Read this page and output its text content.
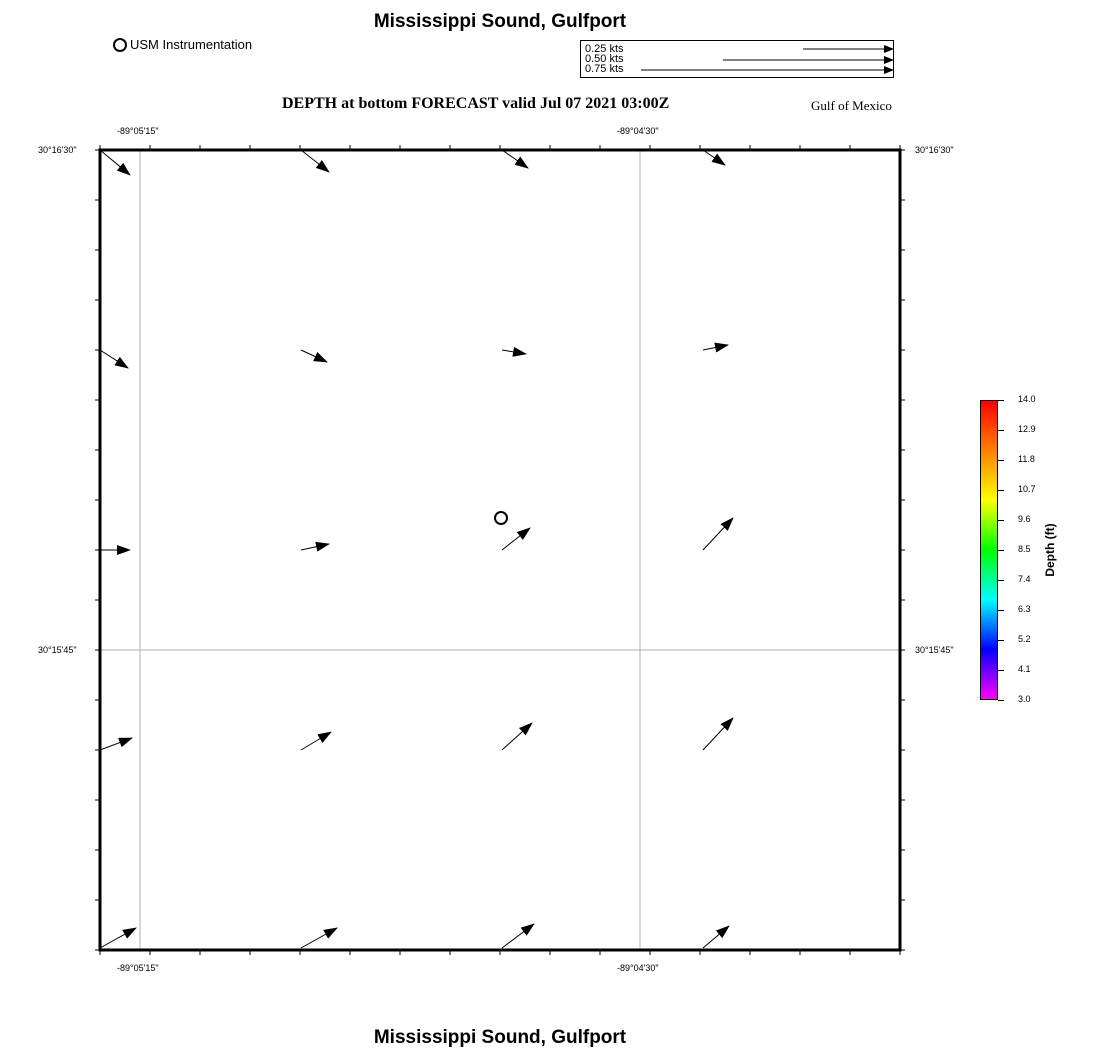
Mississippi Sound, Gulfport
USM Instrumentation	0.25 kts
0.50 kts
0.75 kts
DEPTH at bottom FORECAST valid Jul 07 2021 03:00Z	Gulf of Mexico
-89°05'15"	-89°04'30"
-89°05'15"	-89°04'30"
30°16'30"
30°15'45"
30°16'30"
30°15'45"
14.0
12.9
11.8
10.7
9.6
8.5
7.4
6.3
5.2
4.1
3.0
Depth (ft)
Mississippi Sound, Gulfport
